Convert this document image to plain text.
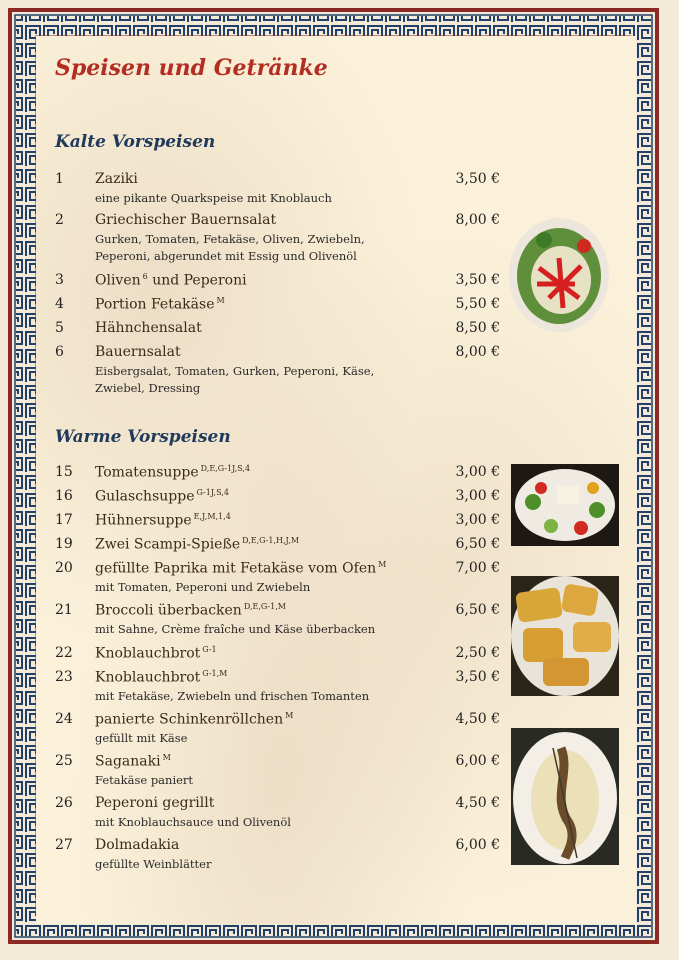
Speisen und Getränke
Kalte Vorspeisen
1 Zaziki	3,50 €
eine pikante Quarkspeise mit Knoblauch
2 Griechischer Bauernsalat	8,00 €
Gurken, Tomaten, Fetakäse, Oliven, Zwiebeln,
Peperoni, abgerundet mit Essig und Olivenöl
3 Oliven $^6$ und Peperoni	3,50 €
4 Portion Fetakäse $^M$	5,50 €
5 Hähnchensalat	8,50 €
6 Bauernsalat	8,00 €
Eisbergsalat, Tomaten, Gurken, Peperoni, Käse,
Zwiebel, Dressing
Warme Vorspeisen
15 Tomatensuppe $^{D,E,G-1J,S,4}$	3,00 €
16 Gulaschsuppe $^{G-1J,S,4}$	3,00 €
17 Hühnersuppe $^{E,J,M,1,4}$	3,00 €
19 Zwei Scampi-Spieße $^{D,E,G-1,H,J,M}$	6,50 €
20 gefüllte Paprika mit Fetakäse vom Ofen $^M$	7,00 €
mit Tomaten, Peperoni und Zwiebeln
21 Broccoli überbacken $^{D,E,G-1,M}$	6,50 €
mit Sahne, Crème fraîche und Käse überbacken
22 Knoblauchbrot $^{G-1}$	2,50 €
23 Knoblauchbrot $^{G-1,M}$	3,50 €
mit Fetakäse, Zwiebeln und frischen Tomanten
24 panierte Schinkenröllchen $^M$	4,50 €
gefüllt mit Käse
25 Saganaki $^M$	6,00 €
Fetakäse paniert
26 Peperoni gegrillt	4,50 €
mit Knoblauchsauce und Olivenöl
27 Dolmadakia	6,00 €
gefüllte Weinblätter
